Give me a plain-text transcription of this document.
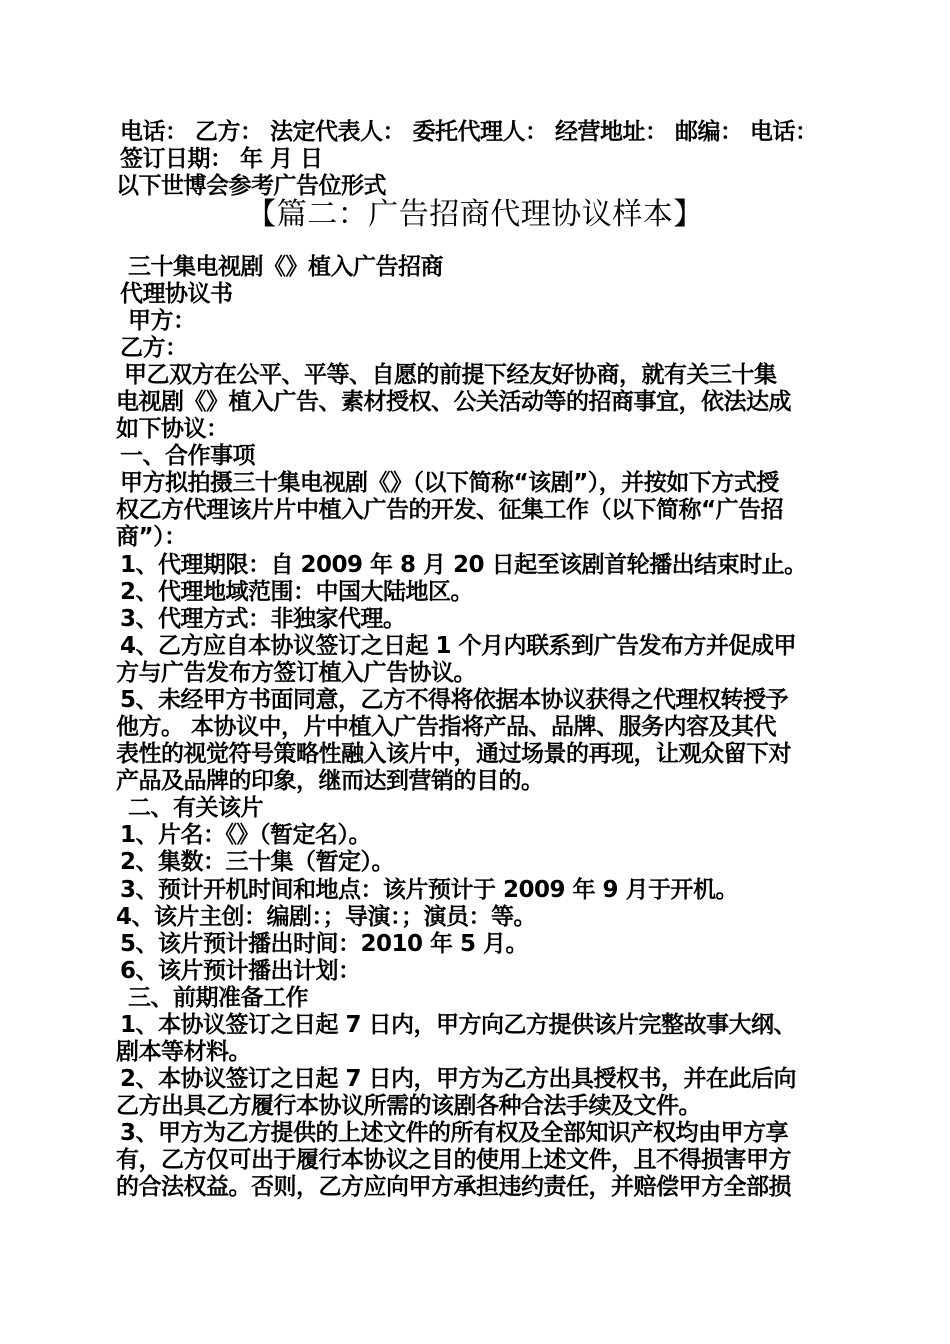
电话： 乙方： 法定代表人： 委托代理人： 经营地址： 邮编： 电话：
签订日期： 年 月 日
以下世博会参考广告位形式
【篇二：广告招商代理协议样本】
三十集电视剧《》植入广告招商
代理协议书
甲方：
乙方：
甲乙双方在公平、平等、自愿的前提下经友好协商，就有关三十集
电视剧《》植入广告、素材授权、公关活动等的招商事宜，依法达成
如下协议：
一、合作事项
甲方拟拍摄三十集电视剧《》（以下简称“该剧”），并按如下方式授
权乙方代理该片片中植入广告的开发、征集工作（以下简称“广告招
商”）：
1、代理期限：自 2009 年 8 月 20 日起至该剧首轮播出结束时止。
2、代理地域范围：中国大陆地区。
3、代理方式：非独家代理。
4、乙方应自本协议签订之日起 1 个月内联系到广告发布方并促成甲
方与广告发布方签订植入广告协议。
5、未经甲方书面同意，乙方不得将依据本协议获得之代理权转授予
他方。 本协议中，片中植入广告指将产品、品牌、服务内容及其代
表性的视觉符号策略性融入该片中，通过场景的再现，让观众留下对
产品及品牌的印象，继而达到营销的目的。
二、有关该片
1、片名：《》（暂定名）。
2、集数：三十集（暂定）。
3、预计开机时间和地点：该片预计于 2009 年 9 月于开机。
4、该片主创：编剧：；导演：；演员：等。
5、该片预计播出时间：2010 年 5 月。
6、该片预计播出计划：
三、前期准备工作
1、本协议签订之日起 7 日内，甲方向乙方提供该片完整故事大纲、
剧本等材料。
2、本协议签订之日起 7 日内，甲方为乙方出具授权书，并在此后向
乙方出具乙方履行本协议所需的该剧各种合法手续及文件。
3、甲方为乙方提供的上述文件的所有权及全部知识产权均由甲方享
有，乙方仅可出于履行本协议之目的使用上述文件，且不得损害甲方
的合法权益。否则，乙方应向甲方承担违约责任，并赔偿甲方全部损
